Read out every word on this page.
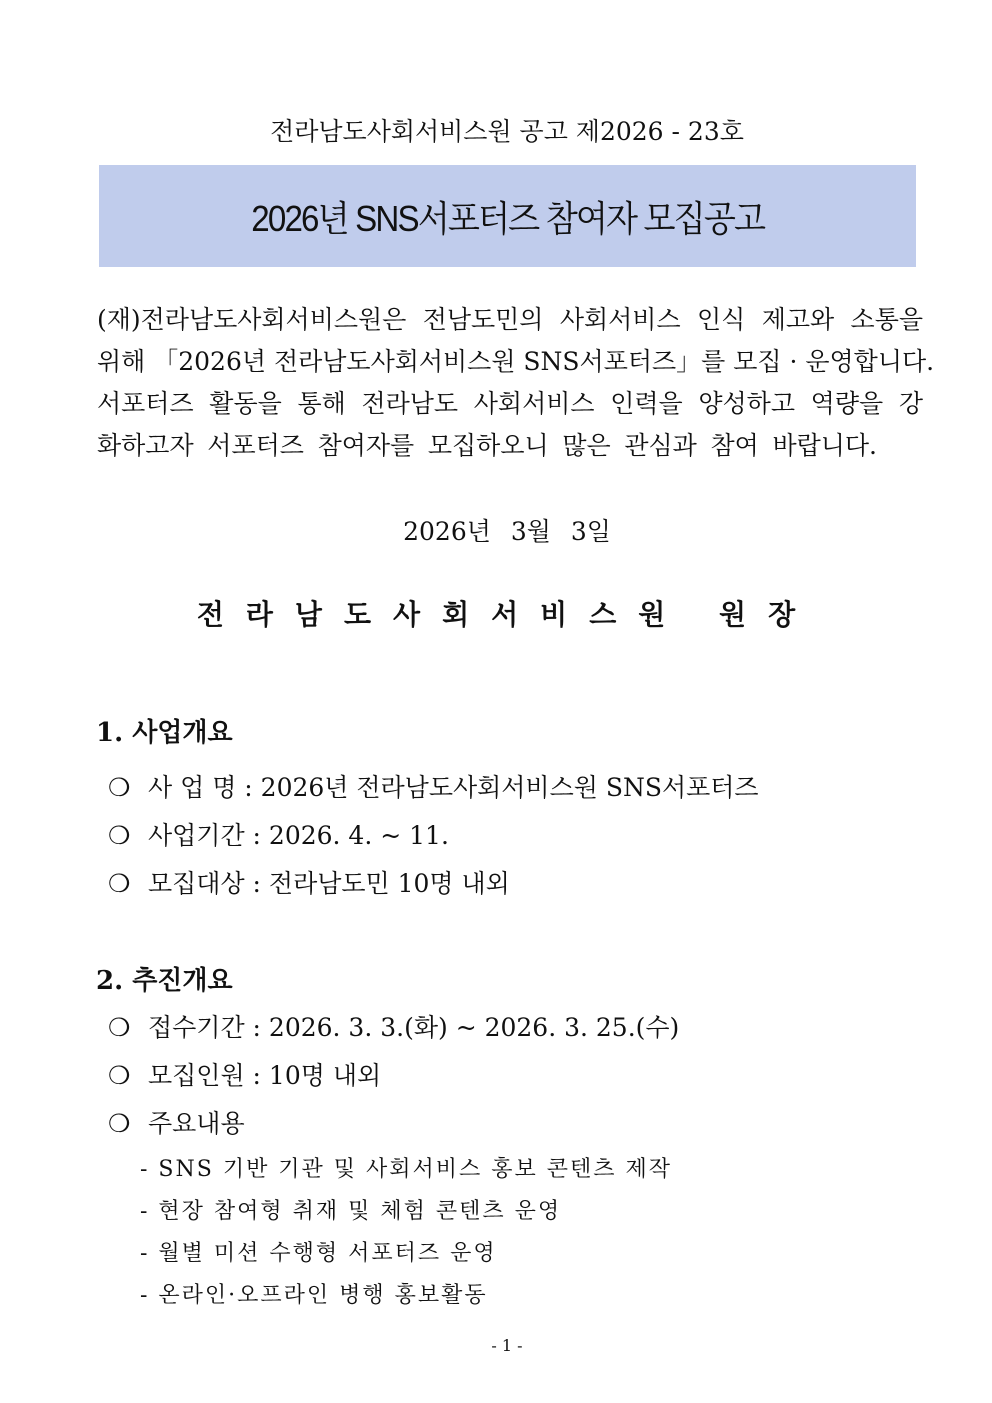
전라남도사회서비스원 공고 제2026 - 23호
2026년 SNS서포터즈 참여자 모집공고
(재)전라남도사회서비스원은 전남도민의 사회서비스 인식 제고와 소통을
위해 「2026년 전라남도사회서비스원 SNS서포터즈」를 모집 · 운영합니다.
서포터즈 활동을 통해 전라남도 사회서비스 인력을 양성하고 역량을 강
화하고자 서포터즈 참여자를 모집하오니 많은 관심과 참여 바랍니다.
2026년 3월 3일
전라남도사회서비스원 원장
1. 사업개요
❍ 사 업 명 : 2026년 전라남도사회서비스원 SNS서포터즈
❍ 사업기간 : 2026. 4. ~ 11.
❍ 모집대상 : 전라남도민 10명 내외
2. 추진개요
❍ 접수기간 : 2026. 3. 3.(화) ~ 2026. 3. 25.(수)
❍ 모집인원 : 10명 내외
❍ 주요내용
- SNS 기반 기관 및 사회서비스 홍보 콘텐츠 제작
- 현장 참여형 취재 및 체험 콘텐츠 운영
- 월별 미션 수행형 서포터즈 운영
- 온라인·오프라인 병행 홍보활동
- 1 -
